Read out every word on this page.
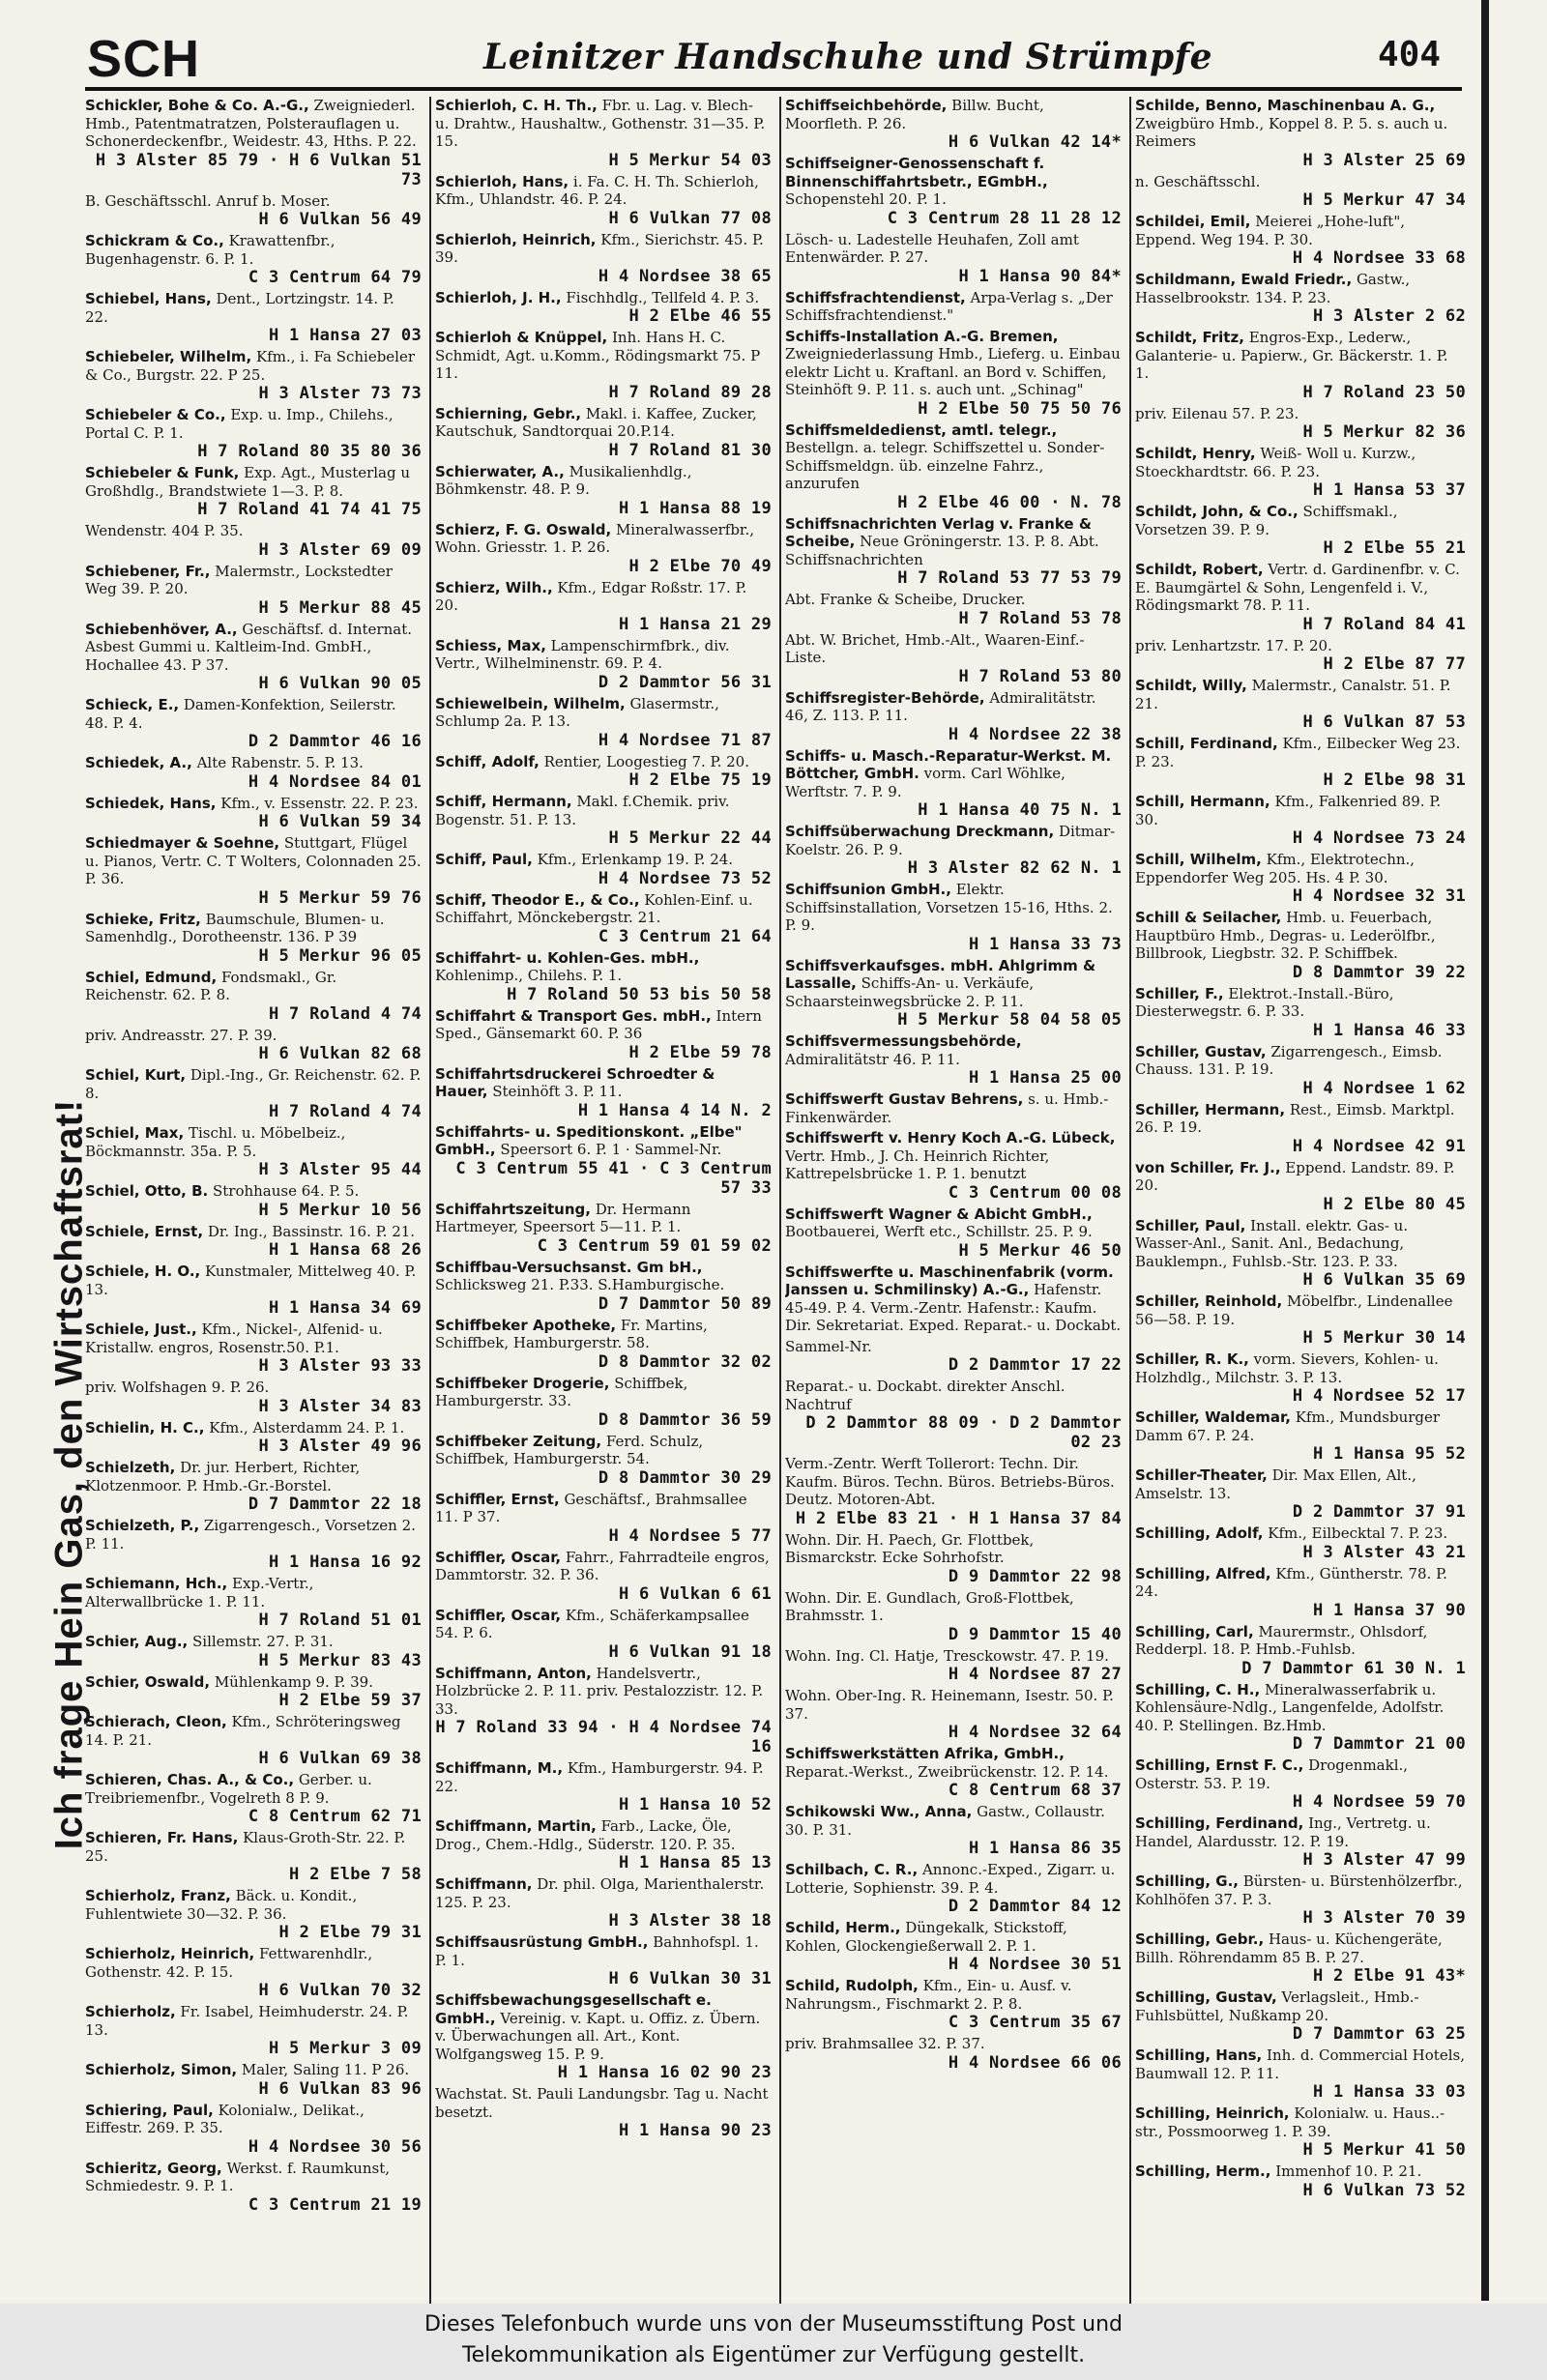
SCH	Leinitzer Handschuhe und Strümpfe	404
Ich frage Hein Gas, den Wirtschaftsrat!
Schickler, Bohe & Co. A.-G., Zweigniederl. Hmb., Patentmatratzen, Polsterauflagen u. Schonerdeckenfbr., Weidestr. 43, Hths. P. 22.
H 3 Alster 85 79 · H 6 Vulkan 51 73
B. Geschäftsschl. Anruf b. Moser.
H 6 Vulkan 56 49
Schickram & Co., Krawattenfbr., Bugenhagenstr. 6. P. 1.
C 3 Centrum 64 79
Schiebel, Hans, Dent., Lortzingstr. 14. P. 22.
H 1 Hansa 27 03
Schiebeler, Wilhelm, Kfm., i. Fa Schiebeler & Co., Burgstr. 22. P 25.
H 3 Alster 73 73
Schiebeler & Co., Exp. u. Imp., Chilehs., Portal C. P. 1.
H 7 Roland 80 35 80 36
Schiebeler & Funk, Exp. Agt., Musterlag u Großhdlg., Brandstwiete 1—3. P. 8.
H 7 Roland 41 74 41 75
Wendenstr. 404 P. 35.
H 3 Alster 69 09
Schiebener, Fr., Malermstr., Lockstedter Weg 39. P. 20.
H 5 Merkur 88 45
Schiebenhöver, A., Geschäftsf. d. Internat. Asbest Gummi u. Kaltleim-Ind. GmbH., Hochallee 43. P 37.
H 6 Vulkan 90 05
Schieck, E., Damen-Konfektion, Seilerstr. 48. P. 4.
D 2 Dammtor 46 16
Schiedek, A., Alte Rabenstr. 5. P. 13.
H 4 Nordsee 84 01
Schiedek, Hans, Kfm., v. Essenstr. 22. P. 23.
H 6 Vulkan 59 34
Schiedmayer & Soehne, Stuttgart, Flügel u. Pianos, Vertr. C. T Wolters, Colonnaden 25. P. 36.
H 5 Merkur 59 76
Schieke, Fritz, Baumschule, Blumen- u. Samenhdlg., Dorotheenstr. 136. P 39
H 5 Merkur 96 05
Schiel, Edmund, Fondsmakl., Gr. Reichenstr. 62. P. 8.
H 7 Roland 4 74
priv. Andreasstr. 27. P. 39.
H 6 Vulkan 82 68
Schiel, Kurt, Dipl.-Ing., Gr. Reichenstr. 62. P. 8.
H 7 Roland 4 74
Schiel, Max, Tischl. u. Möbelbeiz., Böckmannstr. 35a. P. 5.
H 3 Alster 95 44
Schiel, Otto, B. Strohhause 64. P. 5.
H 5 Merkur 10 56
Schiele, Ernst, Dr. Ing., Bassinstr. 16. P. 21.
H 1 Hansa 68 26
Schiele, H. O., Kunstmaler, Mittelweg 40. P. 13.
H 1 Hansa 34 69
Schiele, Just., Kfm., Nickel-, Alfenid- u. Kristallw. engros, Rosenstr.50. P.1.
H 3 Alster 93 33
priv. Wolfshagen 9. P. 26.
H 3 Alster 34 83
Schielin, H. C., Kfm., Alsterdamm 24. P. 1.
H 3 Alster 49 96
Schielzeth, Dr. jur. Herbert, Richter, Klotzenmoor. P. Hmb.-Gr.-Borstel.
D 7 Dammtor 22 18
Schielzeth, P., Zigarrengesch., Vorsetzen 2. P. 11.
H 1 Hansa 16 92
Schiemann, Hch., Exp.-Vertr., Alterwallbrücke 1. P. 11.
H 7 Roland 51 01
Schier, Aug., Sillemstr. 27. P. 31.
H 5 Merkur 83 43
Schier, Oswald, Mühlenkamp 9. P. 39.
H 2 Elbe 59 37
Schierach, Cleon, Kfm., Schröteringsweg 14. P. 21.
H 6 Vulkan 69 38
Schieren, Chas. A., & Co., Gerber. u. Treibriemenfbr., Vogelreth 8 P. 9.
C 8 Centrum 62 71
Schieren, Fr. Hans, Klaus-Groth-Str. 22. P. 25.
H 2 Elbe 7 58
Schierholz, Franz, Bäck. u. Kondit., Fuhlentwiete 30—32. P. 36.
H 2 Elbe 79 31
Schierholz, Heinrich, Fettwarenhdlr., Gothenstr. 42. P. 15.
H 6 Vulkan 70 32
Schierholz, Fr. Isabel, Heimhuderstr. 24. P. 13.
H 5 Merkur 3 09
Schierholz, Simon, Maler, Saling 11. P 26.
H 6 Vulkan 83 96
Schiering, Paul, Kolonialw., Delikat., Eiffestr. 269. P. 35.
H 4 Nordsee 30 56
Schieritz, Georg, Werkst. f. Raumkunst, Schmiedestr. 9. P. 1.
C 3 Centrum 21 19
Schierloh, C. H. Th., Fbr. u. Lag. v. Blech- u. Drahtw., Haushaltw., Gothenstr. 31—35. P. 15.
H 5 Merkur 54 03
Schierloh, Hans, i. Fa. C. H. Th. Schierloh, Kfm., Uhlandstr. 46. P. 24.
H 6 Vulkan 77 08
Schierloh, Heinrich, Kfm., Sierichstr. 45. P. 39.
H 4 Nordsee 38 65
Schierloh, J. H., Fischhdlg., Tellfeld 4. P. 3.
H 2 Elbe 46 55
Schierloh & Knüppel, Inh. Hans H. C. Schmidt, Agt. u.Komm., Rödingsmarkt 75. P 11.
H 7 Roland 89 28
Schierning, Gebr., Makl. i. Kaffee, Zucker, Kautschuk, Sandtorquai 20.P.14.
H 7 Roland 81 30
Schierwater, A., Musikalienhdlg., Böhmkenstr. 48. P. 9.
H 1 Hansa 88 19
Schierz, F. G. Oswald, Mineralwasserfbr., Wohn. Griesstr. 1. P. 26.
H 2 Elbe 70 49
Schierz, Wilh., Kfm., Edgar Roßstr. 17. P. 20.
H 1 Hansa 21 29
Schiess, Max, Lampenschirmfbrk., div. Vertr., Wilhelminenstr. 69. P. 4.
D 2 Dammtor 56 31
Schiewelbein, Wilhelm, Glasermstr., Schlump 2a. P. 13.
H 4 Nordsee 71 87
Schiff, Adolf, Rentier, Loogestieg 7. P. 20.
H 2 Elbe 75 19
Schiff, Hermann, Makl. f.Chemik. priv. Bogenstr. 51. P. 13.
H 5 Merkur 22 44
Schiff, Paul, Kfm., Erlenkamp 19. P. 24.
H 4 Nordsee 73 52
Schiff, Theodor E., & Co., Kohlen-Einf. u. Schiffahrt, Mönckebergstr. 21.
C 3 Centrum 21 64
Schiffahrt- u. Kohlen-Ges. mbH., Kohlenimp., Chilehs. P. 1.
H 7 Roland 50 53 bis 50 58
Schiffahrt & Transport Ges. mbH., Intern Sped., Gänsemarkt 60. P. 36
H 2 Elbe 59 78
Schiffahrtsdruckerei Schroedter & Hauer, Steinhöft 3. P. 11.
H 1 Hansa 4 14 N. 2
Schiffahrts- u. Speditionskont. „Elbe" GmbH., Speersort 6. P. 1 · Sammel-Nr.
C 3 Centrum 55 41 · C 3 Centrum 57 33
Schiffahrtszeitung, Dr. Hermann Hartmeyer, Speersort 5—11. P. 1.
C 3 Centrum 59 01 59 02
Schiffbau-Versuchsanst. Gm bH., Schlicksweg 21. P.33. S.Hamburgische.
D 7 Dammtor 50 89
Schiffbeker Apotheke, Fr. Martins, Schiffbek, Hamburgerstr. 58.
D 8 Dammtor 32 02
Schiffbeker Drogerie, Schiffbek, Hamburgerstr. 33.
D 8 Dammtor 36 59
Schiffbeker Zeitung, Ferd. Schulz, Schiffbek, Hamburgerstr. 54.
D 8 Dammtor 30 29
Schiffler, Ernst, Geschäftsf., Brahmsallee 11. P 37.
H 4 Nordsee 5 77
Schiffler, Oscar, Fahrr., Fahrradteile engros, Dammtorstr. 32. P. 36.
H 6 Vulkan 6 61
Schiffler, Oscar, Kfm., Schäferkampsallee 54. P. 6.
H 6 Vulkan 91 18
Schiffmann, Anton, Handelsvertr., Holzbrücke 2. P. 11. priv. Pestalozzistr. 12. P. 33.
H 7 Roland 33 94 · H 4 Nordsee 74 16
Schiffmann, M., Kfm., Hamburgerstr. 94. P. 22.
H 1 Hansa 10 52
Schiffmann, Martin, Farb., Lacke, Öle, Drog., Chem.-Hdlg., Süderstr. 120. P. 35.
H 1 Hansa 85 13
Schiffmann, Dr. phil. Olga, Marienthalerstr. 125. P. 23.
H 3 Alster 38 18
Schiffsausrüstung GmbH., Bahnhofspl. 1. P. 1.
H 6 Vulkan 30 31
Schiffsbewachungsgesellschaft e. GmbH., Vereinig. v. Kapt. u. Offiz. z. Übern. v. Überwachungen all. Art., Kont. Wolfgangsweg 15. P. 9.
H 1 Hansa 16 02 90 23
Wachstat. St. Pauli Landungsbr. Tag u. Nacht besetzt.
H 1 Hansa 90 23
Schiffseichbehörde, Billw. Bucht, Moorfleth. P. 26.
H 6 Vulkan 42 14*
Schiffseigner-Genossenschaft f. Binnenschiffahrtsbetr., EGmbH., Schopenstehl 20. P. 1.
C 3 Centrum 28 11 28 12
Lösch- u. Ladestelle Heuhafen, Zoll amt Entenwärder. P. 27.
H 1 Hansa 90 84*
Schiffsfrachtendienst, Arpa-Verlag s. „Der Schiffsfrachtendienst."
Schiffs-Installation A.-G. Bremen, Zweigniederlassung Hmb., Lieferg. u. Einbau elektr Licht u. Kraftanl. an Bord v. Schiffen, Steinhöft 9. P. 11. s. auch unt. „Schinag"
H 2 Elbe 50 75 50 76
Schiffsmeldedienst, amtl. telegr., Bestellgn. a. telegr. Schiffszettel u. Sonder-Schiffsmeldgn. üb. einzelne Fahrz., anzurufen
H 2 Elbe 46 00 · N. 78
Schiffsnachrichten Verlag v. Franke & Scheibe, Neue Gröningerstr. 13. P. 8. Abt. Schiffsnachrichten
H 7 Roland 53 77 53 79
Abt. Franke & Scheibe, Drucker.
H 7 Roland 53 78
Abt. W. Brichet, Hmb.-Alt., Waaren-Einf.-Liste.
H 7 Roland 53 80
Schiffsregister-Behörde, Admiralitätstr. 46, Z. 113. P. 11.
H 4 Nordsee 22 38
Schiffs- u. Masch.-Reparatur-Werkst. M. Böttcher, GmbH. vorm. Carl Wöhlke, Werftstr. 7. P. 9.
H 1 Hansa 40 75 N. 1
Schiffsüberwachung Dreckmann, Ditmar-Koelstr. 26. P. 9.
H 3 Alster 82 62 N. 1
Schiffsunion GmbH., Elektr. Schiffsinstallation, Vorsetzen 15-16, Hths. 2. P. 9.
H 1 Hansa 33 73
Schiffsverkaufsges. mbH. Ahlgrimm & Lassalle, Schiffs-An- u. Verkäufe, Schaarsteinwegsbrücke 2. P. 11.
H 5 Merkur 58 04 58 05
Schiffsvermessungsbehörde, Admiralitätstr 46. P. 11.
H 1 Hansa 25 00
Schiffswerft Gustav Behrens, s. u. Hmb.-Finkenwärder.
Schiffswerft v. Henry Koch A.-G. Lübeck, Vertr. Hmb., J. Ch. Heinrich Richter, Kattrepelsbrücke 1. P. 1. benutzt
C 3 Centrum 00 08
Schiffswerft Wagner & Abicht GmbH., Bootbauerei, Werft etc., Schillstr. 25. P. 9.
H 5 Merkur 46 50
Schiffswerfte u. Maschinenfabrik (vorm. Janssen u. Schmilinsky) A.-G., Hafenstr. 45-49. P. 4. Verm.-Zentr. Hafenstr.: Kaufm. Dir. Sekretariat. Exped. Reparat.- u. Dockabt.
Sammel-Nr.
D 2 Dammtor 17 22
Reparat.- u. Dockabt. direkter Anschl. Nachtruf
D 2 Dammtor 88 09 · D 2 Dammtor 02 23
Verm.-Zentr. Werft Tollerort: Techn. Dir. Kaufm. Büros. Techn. Büros. Betriebs-Büros. Deutz. Motoren-Abt.
H 2 Elbe 83 21 · H 1 Hansa 37 84
Wohn. Dir. H. Paech, Gr. Flottbek, Bismarckstr. Ecke Sohrhofstr.
D 9 Dammtor 22 98
Wohn. Dir. E. Gundlach, Groß-Flottbek, Brahmsstr. 1.
D 9 Dammtor 15 40
Wohn. Ing. Cl. Hatje, Tresckowstr. 47. P. 19.
H 4 Nordsee 87 27
Wohn. Ober-Ing. R. Heinemann, Isestr. 50. P. 37.
H 4 Nordsee 32 64
Schiffswerkstätten Afrika, GmbH., Reparat.-Werkst., Zweibrückenstr. 12. P. 14.
C 8 Centrum 68 37
Schikowski Ww., Anna, Gastw., Collaustr. 30. P. 31.
H 1 Hansa 86 35
Schilbach, C. R., Annonc.-Exped., Zigarr. u. Lotterie, Sophienstr. 39. P. 4.
D 2 Dammtor 84 12
Schild, Herm., Düngekalk, Stickstoff, Kohlen, Glockengießerwall 2. P. 1.
H 4 Nordsee 30 51
Schild, Rudolph, Kfm., Ein- u. Ausf. v. Nahrungsm., Fischmarkt 2. P. 8.
C 3 Centrum 35 67
priv. Brahmsallee 32. P. 37.
H 4 Nordsee 66 06
Schilde, Benno, Maschinenbau A. G., Zweigbüro Hmb., Koppel 8. P. 5. s. auch u. Reimers
H 3 Alster 25 69
n. Geschäftsschl.
H 5 Merkur 47 34
Schildei, Emil, Meierei „Hohe-luft", Eppend. Weg 194. P. 30.
H 4 Nordsee 33 68
Schildmann, Ewald Friedr., Gastw., Hasselbrookstr. 134. P. 23.
H 3 Alster 2 62
Schildt, Fritz, Engros-Exp., Lederw., Galanterie- u. Papierw., Gr. Bäckerstr. 1. P. 1.
H 7 Roland 23 50
priv. Eilenau 57. P. 23.
H 5 Merkur 82 36
Schildt, Henry, Weiß- Woll u. Kurzw., Stoeckhardtstr. 66. P. 23.
H 1 Hansa 53 37
Schildt, John, & Co., Schiffsmakl., Vorsetzen 39. P. 9.
H 2 Elbe 55 21
Schildt, Robert, Vertr. d. Gardinenfbr. v. C. E. Baumgärtel & Sohn, Lengenfeld i. V., Rödingsmarkt 78. P. 11.
H 7 Roland 84 41
priv. Lenhartzstr. 17. P. 20.
H 2 Elbe 87 77
Schildt, Willy, Malermstr., Canalstr. 51. P. 21.
H 6 Vulkan 87 53
Schill, Ferdinand, Kfm., Eilbecker Weg 23. P. 23.
H 2 Elbe 98 31
Schill, Hermann, Kfm., Falkenried 89. P. 30.
H 4 Nordsee 73 24
Schill, Wilhelm, Kfm., Elektrotechn., Eppendorfer Weg 205. Hs. 4 P. 30.
H 4 Nordsee 32 31
Schill & Seilacher, Hmb. u. Feuerbach, Hauptbüro Hmb., Degras- u. Lederölfbr., Billbrook, Liegbstr. 32. P. Schiffbek.
D 8 Dammtor 39 22
Schiller, F., Elektrot.-Install.-Büro, Diesterwegstr. 6. P. 33.
H 1 Hansa 46 33
Schiller, Gustav, Zigarrengesch., Eimsb. Chauss. 131. P. 19.
H 4 Nordsee 1 62
Schiller, Hermann, Rest., Eimsb. Marktpl. 26. P. 19.
H 4 Nordsee 42 91
von Schiller, Fr. J., Eppend. Landstr. 89. P. 20.
H 2 Elbe 80 45
Schiller, Paul, Install. elektr. Gas- u. Wasser-Anl., Sanit. Anl., Bedachung, Bauklempn., Fuhlsb.-Str. 123. P. 33.
H 6 Vulkan 35 69
Schiller, Reinhold, Möbelfbr., Lindenallee 56—58. P. 19.
H 5 Merkur 30 14
Schiller, R. K., vorm. Sievers, Kohlen- u. Holzhdlg., Milchstr. 3. P. 13.
H 4 Nordsee 52 17
Schiller, Waldemar, Kfm., Mundsburger Damm 67. P. 24.
H 1 Hansa 95 52
Schiller-Theater, Dir. Max Ellen, Alt., Amselstr. 13.
D 2 Dammtor 37 91
Schilling, Adolf, Kfm., Eilbecktal 7. P. 23.
H 3 Alster 43 21
Schilling, Alfred, Kfm., Güntherstr. 78. P. 24.
H 1 Hansa 37 90
Schilling, Carl, Maurermstr., Ohlsdorf, Redderpl. 18. P. Hmb.-Fuhlsb.
D 7 Dammtor 61 30 N. 1
Schilling, C. H., Mineralwasserfabrik u. Kohlensäure-Ndlg., Langenfelde, Adolfstr. 40. P. Stellingen. Bz.Hmb.
D 7 Dammtor 21 00
Schilling, Ernst F. C., Drogenmakl., Osterstr. 53. P. 19.
H 4 Nordsee 59 70
Schilling, Ferdinand, Ing., Vertretg. u. Handel, Alardusstr. 12. P. 19.
H 3 Alster 47 99
Schilling, G., Bürsten- u. Bürstenhölzerfbr., Kohlhöfen 37. P. 3.
H 3 Alster 70 39
Schilling, Gebr., Haus- u. Küchengeräte, Billh. Röhrendamm 85 B. P. 27.
H 2 Elbe 91 43*
Schilling, Gustav, Verlagsleit., Hmb.-Fuhlsbüttel, Nußkamp 20.
D 7 Dammtor 63 25
Schilling, Hans, Inh. d. Commercial Hotels, Baumwall 12. P. 11.
H 1 Hansa 33 03
Schilling, Heinrich, Kolonialw. u. Haus..-str., Possmoorweg 1. P. 39.
H 5 Merkur 41 50
Schilling, Herm., Immenhof 10. P. 21.
H 6 Vulkan 73 52
Dieses Telefonbuch wurde uns von der Museumsstiftung Post und
Telekommunikation als Eigentümer zur Verfügung gestellt.
